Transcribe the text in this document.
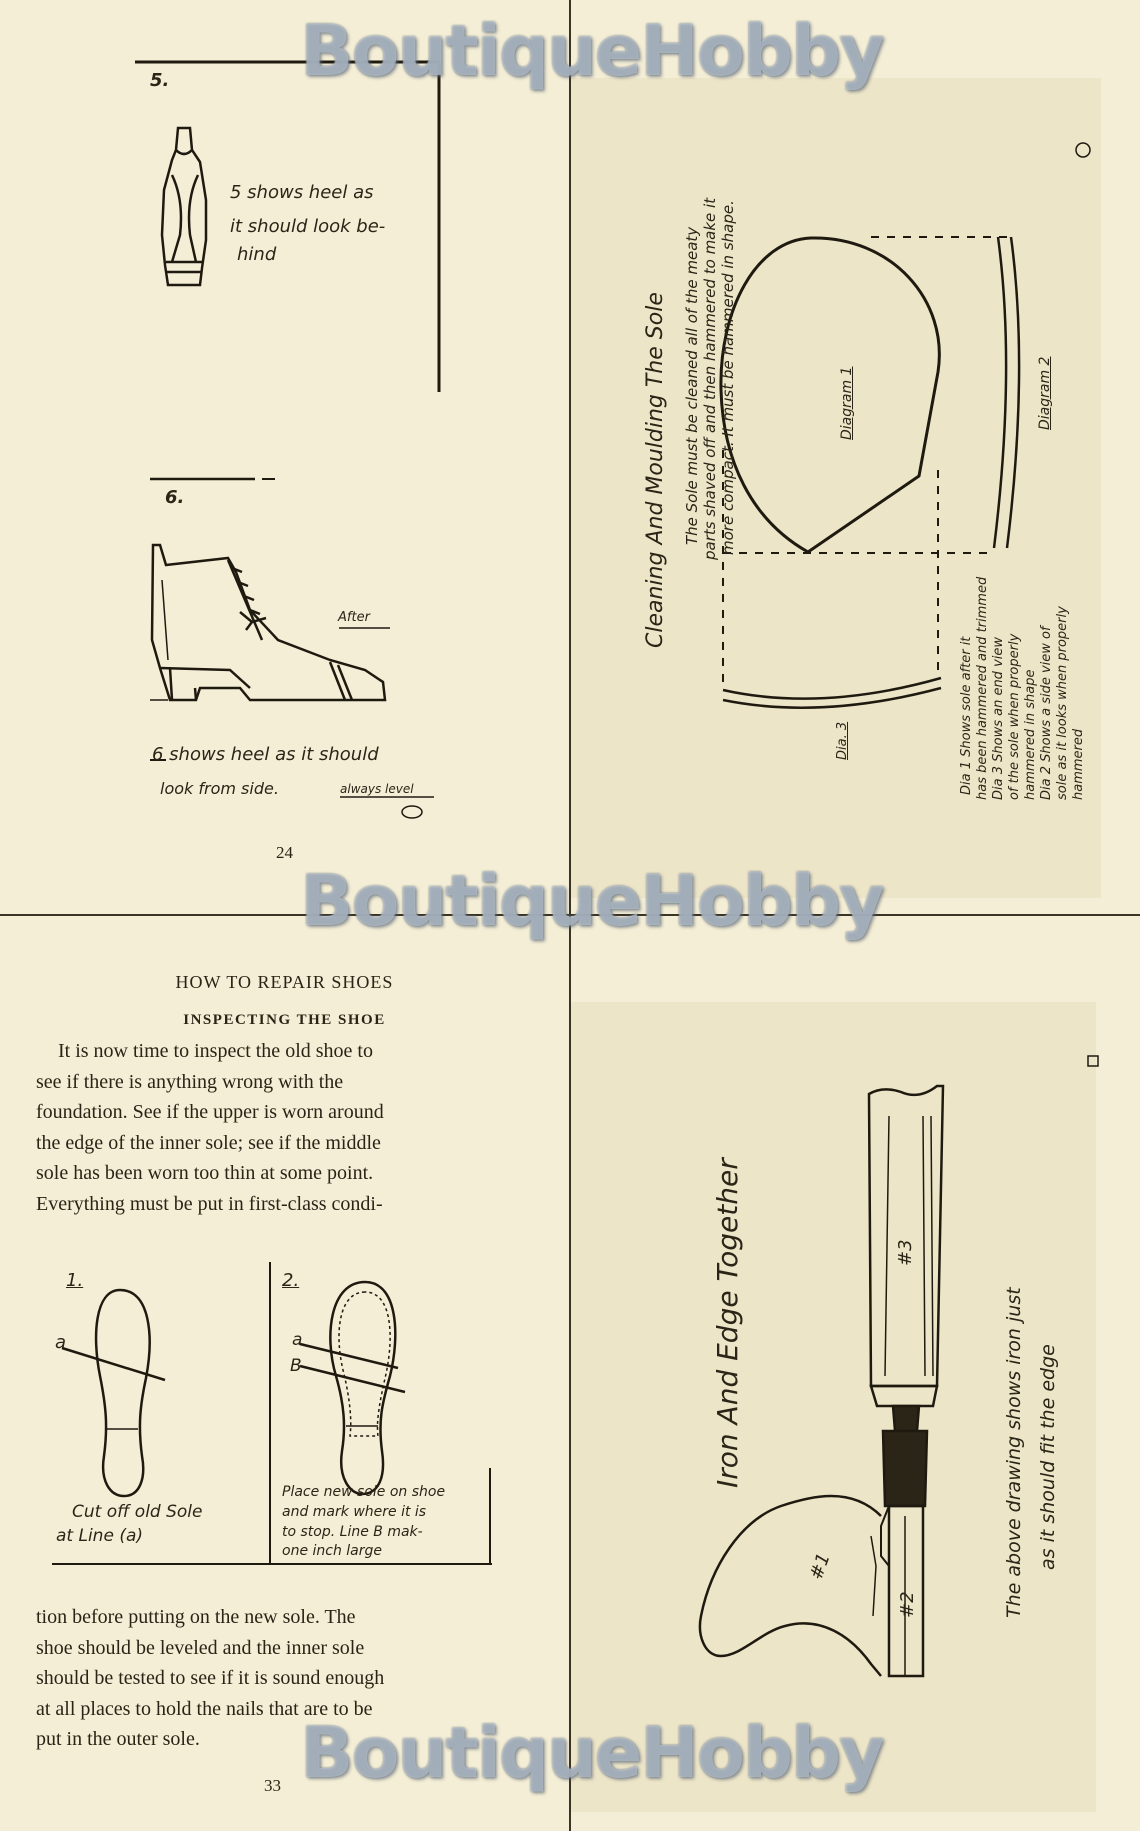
5.
5 shows heel as
it should look be-
hind
6.
After
6 shows heel as it should
look from side.	always level
24
Cleaning And Moulding The Sole The Sole must be cleaned all of the meaty parts shaved off and then hammered to make it more compact. It must be hammered in shape.	Diagram 1	Diagram 2
Dia. 3	Dia 1 Shows sole after it has been hammered and trimmed Dia 3 Shows an end view of the sole when properly hammered in shape Dia 2 Shows a side view of sole as it looks when properly hammered
HOW TO REPAIR SHOES
INSPECTING THE SHOE
It is now time to inspect the old shoe to
see if there is anything wrong with the
foundation. See if the upper is worn around
the edge of the inner sole; see if the middle
sole has been worn too thin at some point.
Everything must be put in first-class condi-
1.
a
Cut off old Sole
at Line (a)
2.
a
B
Place new sole on shoe
and mark where it is
to stop. Line B mak-
one inch large
tion before putting on the new sole. The
shoe should be leveled and the inner sole
should be tested to see if it is sound enough
at all places to hold the nails that are to be
put in the outer sole.
33
Iron And Edge Together	#3
#2
#1	The above drawing shows iron just as it should fit the edge
BoutiqueHobby
BoutiqueHobby
BoutiqueHobby
